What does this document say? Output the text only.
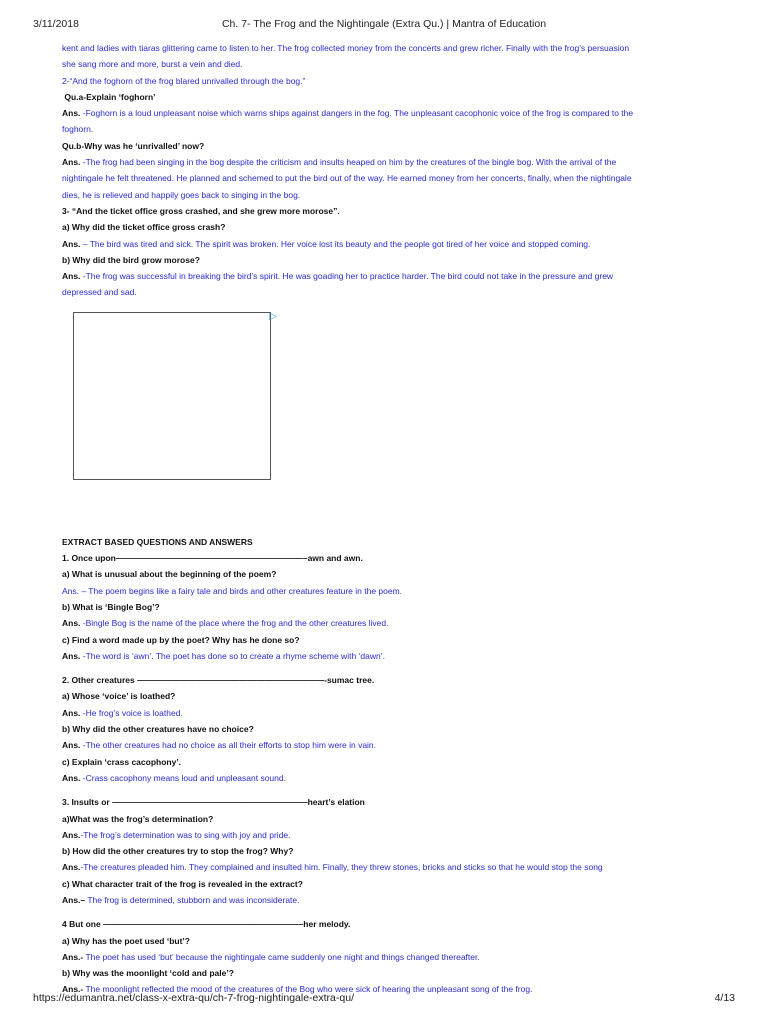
3/11/2018	Ch. 7- The Frog and the Nightingale (Extra Qu.) | Mantra of Education

kent and ladies with tiaras glittering came to listen to her. The frog collected money from the concerts and grew richer. Finally with the frog’s persuasion

she sang more and more, burst a vein and died.

2-“And the foghorn of the frog blared unrivalled through the bog.”

Qu.a-Explain ‘foghorn’

Ans. -Foghorn is a loud unpleasant noise which warns ships against dangers in the fog. The unpleasant cacophonic voice of the frog is compared to the

foghorn.

Qu.b-Why was he ‘unrivalled’ now?

Ans. -The frog had been singing in the bog despite the criticism and insults heaped on him by the creatures of the bingle bog. With the arrival of the

nightingale he felt threatened. He planned and schemed to put the bird out of the way. He earned money from her concerts, finally, when the nightingale

dies, he is relieved and happily goes back to singing in the bog.

3- “And the ticket office gross crashed, and she grew more morose”.

a) Why did the ticket office gross crash?

Ans. – The bird was tired and sick. The spirit was broken. Her voice lost its beauty and the people got tired of her voice and stopped coming.

b) Why did the bird grow morose?

Ans. -The frog was successful in breaking the bird’s spirit. He was goading her to practice harder. The bird could not take in the pressure and grew

depressed and sad.

▷

EXTRACT BASED QUESTIONS AND ANSWERS

1. Once upon——————————————————————–awn and awn.

a) What is unusual about the beginning of the poem?

Ans. – The poem begins like a fairy tale and birds and other creatures feature in the poem.

b) What is ‘Bingle Bog’?

Ans. -Bingle Bog is the name of the place where the frog and the other creatures lived.

c) Find a word made up by the poet? Why has he done so?

Ans. -The word is ‘awn’. The poet has done so to create a rhyme scheme with ‘dawn’.

2. Other creatures ——————————————————————-sumac tree.

a) Whose ‘voice’ is loathed?

Ans. -He frog’s voice is loathed.

b) Why did the other creatures have no choice?

Ans. -The other creatures had no choice as all their efforts to stop him were in vain.

c) Explain ‘crass cacophony’.

Ans. -Crass cacophony means loud and unpleasant sound.

3. Insults or ———————————————————————heart’s elation

a)What was the frog’s determination?

Ans.-The frog’s determination was to sing with joy and pride.

b) How did the other creatures try to stop the frog? Why?

Ans.-The creatures pleaded him. They complained and insulted him. Finally, they threw stones, bricks and sticks so that he would stop the song

c) What character trait of the frog is revealed in the extract?

Ans.– The frog is determined, stubborn and was inconsiderate.

4 But one ———————————————————————–her melody.

a) Why has the poet used ‘but’?

Ans.- The poet has used ‘but’ because the nightingale came suddenly one night and things changed thereafter.

b) Why was the moonlight ‘cold and pale’?

Ans.- The moonlight reflected the mood of the creatures of the Bog who were sick of hearing the unpleasant song of the frog.

https://edumantra.net/class-x-extra-qu/ch-7-frog-nightingale-extra-qu/	4/13
